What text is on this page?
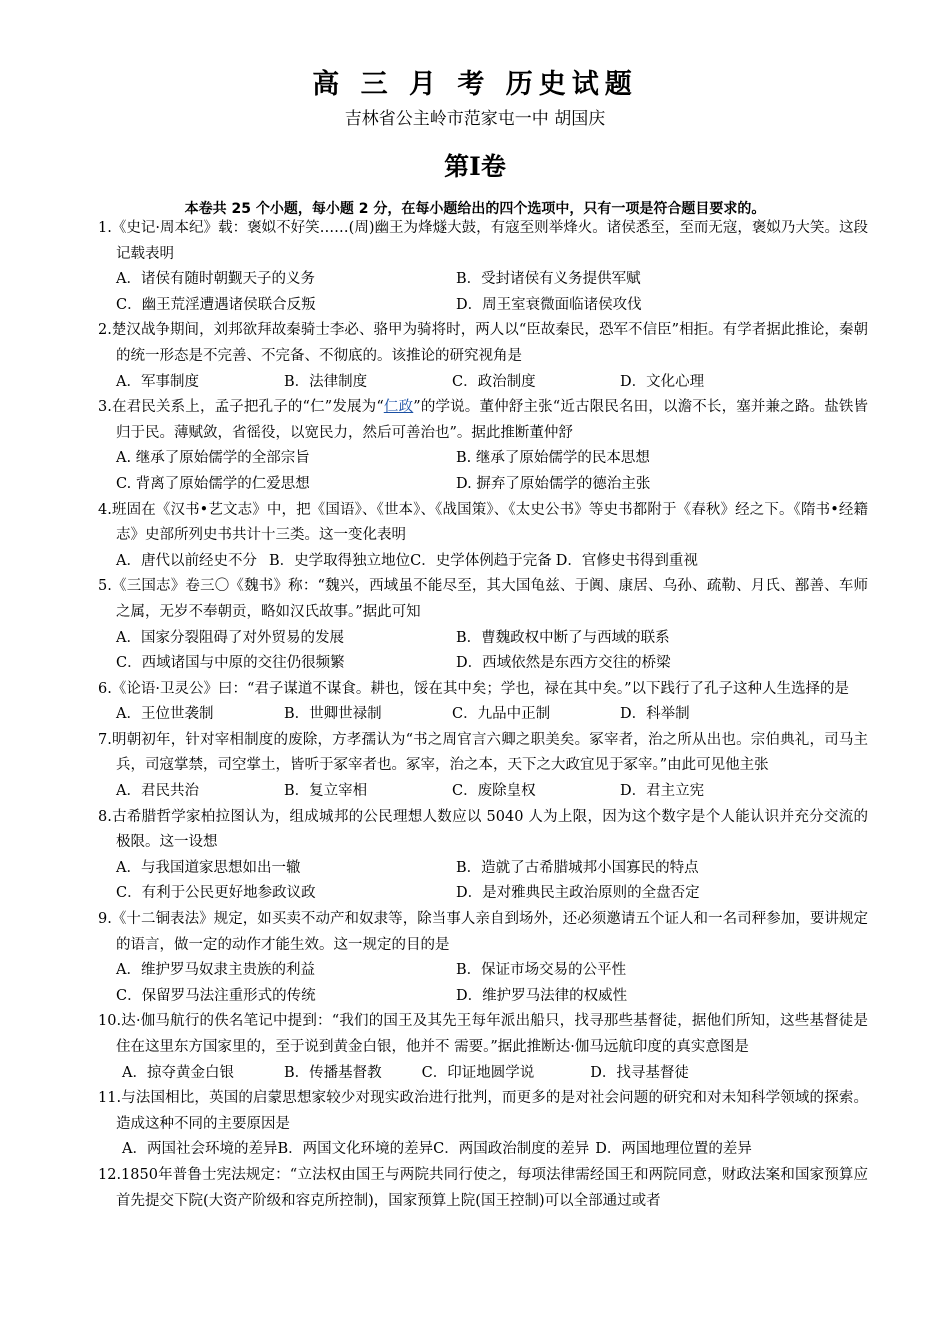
高 三 月 考 历史试题
吉林省公主岭市范家屯一中 胡国庆
第Ⅰ卷
本卷共 25 个小题，每小题 2 分，在每小题给出的四个选项中，只有一项是符合题目要求的。
1.《史记·周本纪》载：褒姒不好笑……(周)幽王为烽燧大鼓，有寇至则举烽火。诸侯悉至，至而无寇，褒姒乃大笑。这段记载表明
A．诸侯有随时朝觐天子的义务	B．受封诸侯有义务提供军赋
C．幽王荒淫遭遇诸侯联合反叛	D．周王室衰微面临诸侯攻伐
2.楚汉战争期间，刘邦欲拜故秦骑士李必、骆甲为骑将时，两人以“臣故秦民，恐军不信臣”相拒。有学者据此推论，秦朝的统一形态是不完善、不完备、不彻底的。该推论的研究视角是
A．军事制度	B．法律制度	C．政治制度	D．文化心理
3.在君民关系上，孟子把孔子的“仁”发展为“仁政”的学说。董仲舒主张“近古限民名田，以澹不长，塞并兼之路。盐铁皆归于民。薄赋敛，省徭役，以宽民力，然后可善治也”。据此推断董仲舒
A. 继承了原始儒学的全部宗旨	B. 继承了原始儒学的民本思想
C. 背离了原始儒学的仁爱思想	D. 摒弃了原始儒学的德治主张
4.班固在《汉书•艺文志》中，把《国语》、《世本》、《战国策》、《太史公书》等史书都附于《春秋》经之下。《隋书•经籍志》史部所列史书共计十三类。这一变化表明
A．唐代以前经史不分 B．史学取得独立地位 C．史学体例趋于完备 D．官修史书得到重视
5.《三国志》卷三〇《魏书》称：“魏兴，西域虽不能尽至，其大国龟兹、于阗、康居、乌孙、疏勒、月氏、鄯善、车师之属，无岁不奉朝贡，略如汉氏故事。”据此可知
A．国家分裂阻碍了对外贸易的发展	B．曹魏政权中断了与西域的联系
C．西域诸国与中原的交往仍很频繁	D．西域依然是东西方交往的桥梁
6.《论语·卫灵公》曰：“君子谋道不谋食。耕也，馁在其中矣；学也，禄在其中矣。”以下践行了孔子这种人生选择的是
A．王位世袭制	B．世卿世禄制	C．九品中正制	D．科举制
7.明朝初年，针对宰相制度的废除，方孝孺认为“书之周官言六卿之职美矣。冢宰者，治之所从出也。宗伯典礼，司马主兵，司寇掌禁，司空掌土，皆听于冢宰者也。冢宰，治之本，天下之大政宜见于冢宰。”由此可见他主张
A．君民共治	B．复立宰相	C．废除皇权	D．君主立宪
8.古希腊哲学家柏拉图认为，组成城邦的公民理想人数应以 5040 人为上限，因为这个数字是个人能认识并充分交流的极限。这一设想
A．与我国道家思想如出一辙	B．造就了古希腊城邦小国寡民的特点
C．有利于公民更好地参政议政	D．是对雅典民主政治原则的全盘否定
9.《十二铜表法》规定，如买卖不动产和奴隶等，除当事人亲自到场外，还必须邀请五个证人和一名司秤参加，要讲规定的语言，做一定的动作才能生效。这一规定的目的是
A．维护罗马奴隶主贵族的利益	B．保证市场交易的公平性
C．保留罗马法注重形式的传统	D．维护罗马法律的权威性
10.达·伽马航行的佚名笔记中提到：“我们的国王及其先王每年派出船只，找寻那些基督徒，据他们所知，这些基督徒是住在这里东方国家里的，至于说到黄金白银，他并不 需要。”据此推断达·伽马远航印度的真实意图是
A．掠夺黄金白银	B．传播基督教	C．印证地圆学说	D．找寻基督徒
11.与法国相比，英国的启蒙思想家较少对现实政治进行批判，而更多的是对社会问题的研究和对未知科学领域的探索。造成这种不同的主要原因是
A．两国社会环境的差异 B．两国文化环境的差异 C．两国政治制度的差异 D．两国地理位置的差异
12.1850年普鲁士宪法规定：“立法权由国王与两院共同行使之，每项法律需经国王和两院同意，财政法案和国家预算应首先提交下院(大资产阶级和容克所控制)，国家预算上院(国王控制)可以全部通过或者
